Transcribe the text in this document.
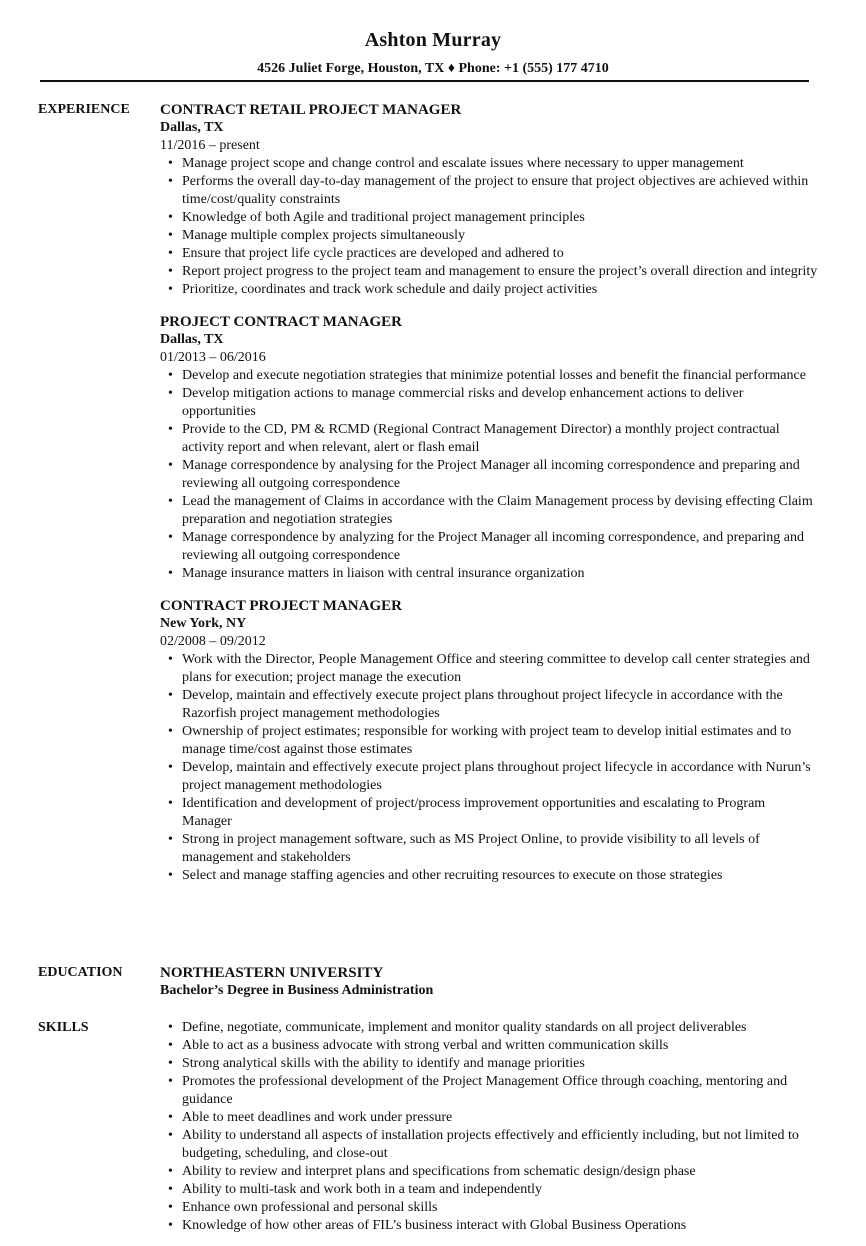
Ashton Murray
4526 Juliet Forge, Houston, TX ♦ Phone: +1 (555) 177 4710
EXPERIENCE CONTRACT RETAIL PROJECT MANAGER
Dallas, TX
11/2016 – present
• Manage project scope and change control and escalate issues where necessary to upper management
• Performs the overall day-to-day management of the project to ensure that project objectives are achieved within time/cost/quality constraints
• Knowledge of both Agile and traditional project management principles
• Manage multiple complex projects simultaneously
• Ensure that project life cycle practices are developed and adhered to
• Report project progress to the project team and management to ensure the project’s overall direction and integrity
• Prioritize, coordinates and track work schedule and daily project activities
PROJECT CONTRACT MANAGER
Dallas, TX
01/2013 – 06/2016
• Develop and execute negotiation strategies that minimize potential losses and benefit the financial performance
• Develop mitigation actions to manage commercial risks and develop enhancement actions to deliver opportunities
• Provide to the CD, PM & RCMD (Regional Contract Management Director) a monthly project contractual activity report and when relevant, alert or flash email
• Manage correspondence by analysing for the Project Manager all incoming correspondence and preparing and reviewing all outgoing correspondence
• Lead the management of Claims in accordance with the Claim Management process by devising effecting Claim preparation and negotiation strategies
• Manage correspondence by analyzing for the Project Manager all incoming correspondence, and preparing and reviewing all outgoing correspondence
• Manage insurance matters in liaison with central insurance organization
CONTRACT PROJECT MANAGER
New York, NY
02/2008 – 09/2012
• Work with the Director, People Management Office and steering committee to develop call center strategies and plans for execution; project manage the execution
• Develop, maintain and effectively execute project plans throughout project lifecycle in accordance with the Razorfish project management methodologies
• Ownership of project estimates; responsible for working with project team to develop initial estimates and to manage time/cost against those estimates
• Develop, maintain and effectively execute project plans throughout project lifecycle in accordance with Nurun’s project management methodologies
• Identification and development of project/process improvement opportunities and escalating to Program Manager
• Strong in project management software, such as MS Project Online, to provide visibility to all levels of management and stakeholders
• Select and manage staffing agencies and other recruiting resources to execute on those strategies
EDUCATION NORTHEASTERN UNIVERSITY
Bachelor’s Degree in Business Administration
SKILLS
•	Define, negotiate, communicate, implement and monitor quality standards on all project deliverables
• Able to act as a business advocate with strong verbal and written communication skills
• Strong analytical skills with the ability to identify and manage priorities
• Promotes the professional development of the Project Management Office through coaching, mentoring and guidance
• Able to meet deadlines and work under pressure
• Ability to understand all aspects of installation projects effectively and efficiently including, but not limited to budgeting, scheduling, and close-out
• Ability to review and interpret plans and specifications from schematic design/design phase
• Ability to multi-task and work both in a team and independently
• Enhance own professional and personal skills
• Knowledge of how other areas of FIL’s business interact with Global Business Operations
